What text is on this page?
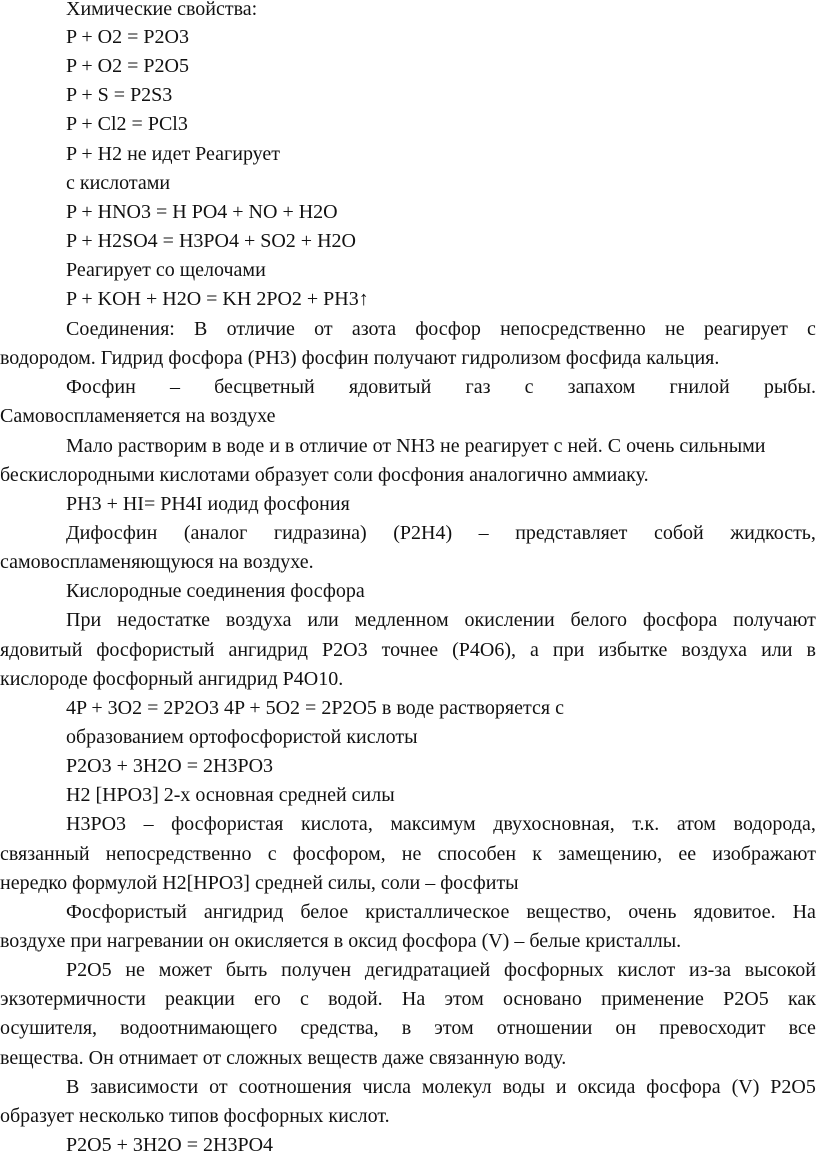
Химические свойства:
P + O2 = P2O3
P + O2 = P2O5
P + S = P2S3
P + Cl2 = PCl3
P + H2 не идет Реагирует
с кислотами
P + HNO3 = H PO4 + NO + H2O
P + H2SO4 = H3PO4 + SO2 + H2O
Реагирует со щелочами
P + KOH + H2O = KH 2PO2 + PH3↑
Соединения: В отличие от азота фосфор непосредственно не реагирует с
водородом. Гидрид фосфора (PH3) фосфин получают гидролизом фосфида кальция.
Фосфин – бесцветный ядовитый газ с запахом гнилой рыбы.
Самовоспламеняется на воздухе
Мало растворим в воде и в отличие от NH3 не реагирует с ней. С очень сильными
бескислородными кислотами образует соли фосфония аналогично аммиаку.
PH3 + HI= PH4I иодид фосфония
Дифосфин (аналог гидразина) (P2H4) – представляет собой жидкость,
самовоспламеняющуюся на воздухе.
Кислородные соединения фосфора
При недостатке воздуха или медленном окислении белого фосфора получают
ядовитый фосфористый ангидрид P2O3 точнее (P4O6), а при избытке воздуха или в
кислороде фосфорный ангидрид P4O10.
4P + 3O2 = 2P2O3 4P + 5O2 = 2P2O5 в воде растворяется с
образованием ортофосфористой кислоты
P2O3 + 3H2O = 2H3PO3
H2 [HPO3] 2-х основная средней силы
H3PO3 – фосфористая кислота, максимум двухосновная, т.к. атом водорода,
связанный непосредственно с фосфором, не способен к замещению, ее изображают
нередко формулой H2[HPO3] средней силы, соли – фосфиты
Фосфористый ангидрид белое кристаллическое вещество, очень ядовитое. На
воздухе при нагревании он окисляется в оксид фосфора (V) – белые кристаллы.
P2O5 не может быть получен дегидратацией фосфорных кислот из-за высокой
экзотермичности реакции его с водой. На этом основано применение P2O5 как
осушителя, водоотнимающего средства, в этом отношении он превосходит все
вещества. Он отнимает от сложных веществ даже связанную воду.
В зависимости от соотношения числа молекул воды и оксида фосфора (V) P2O5
образует несколько типов фосфорных кислот.
P2O5 + 3H2O = 2H3PO4
